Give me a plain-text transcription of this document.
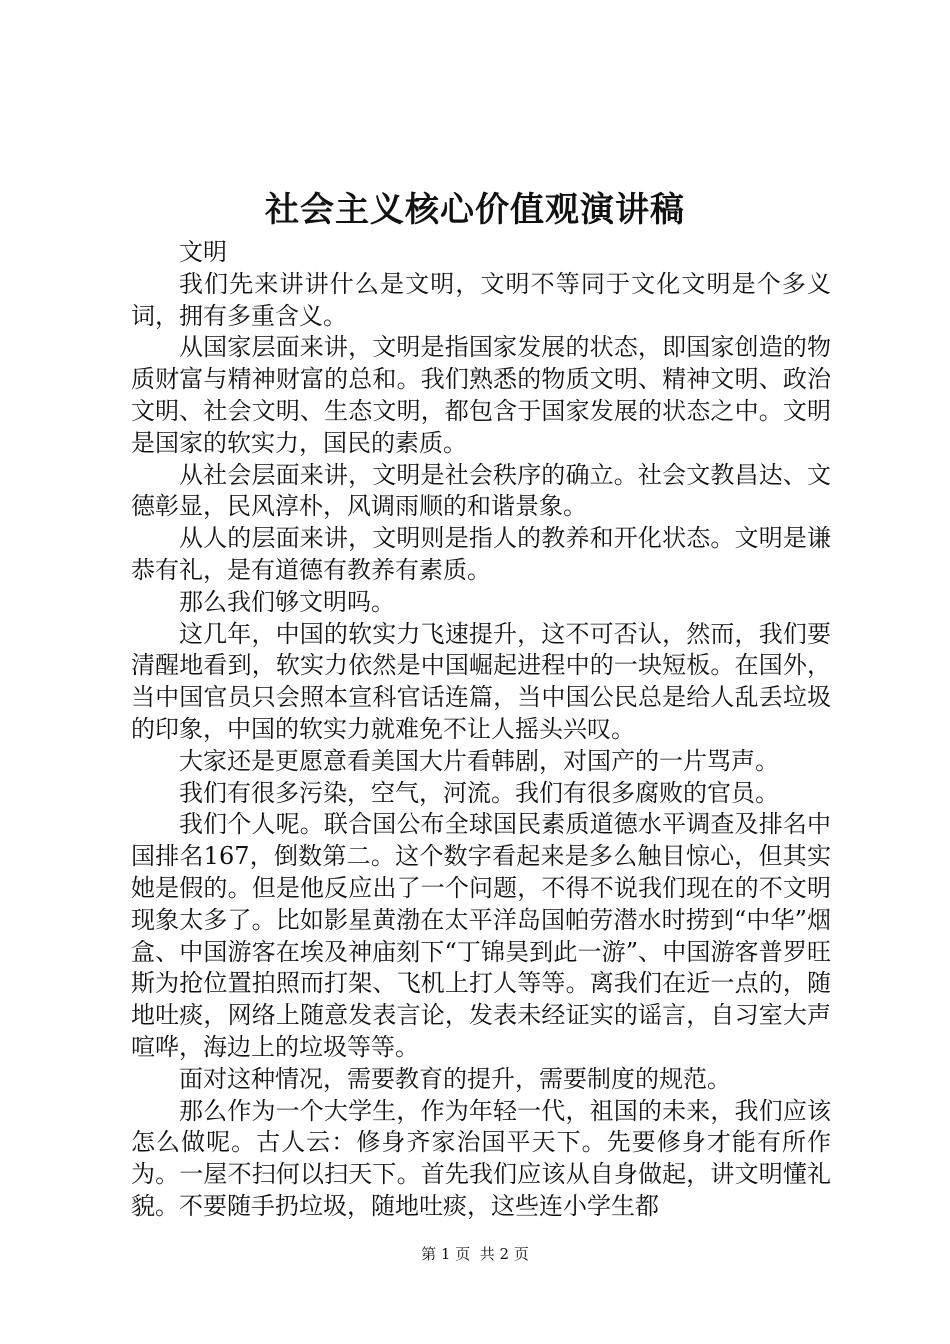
社会主义核心价值观演讲稿

文明

我们先来讲讲什么是文明，文明不等同于文化文明是个多义词，拥有多重含义。

从国家层面来讲，文明是指国家发展的状态，即国家创造的物质财富与精神财富的总和。我们熟悉的物质文明、精神文明、政治文明、社会文明、生态文明，都包含于国家发展的状态之中。文明是国家的软实力，国民的素质。

从社会层面来讲，文明是社会秩序的确立。社会文教昌达、文德彰显，民风淳朴，风调雨顺的和谐景象。

从人的层面来讲，文明则是指人的教养和开化状态。文明是谦恭有礼，是有道德有教养有素质。

那么我们够文明吗。

这几年，中国的软实力飞速提升，这不可否认，然而，我们要清醒地看到，软实力依然是中国崛起进程中的一块短板。在国外，当中国官员只会照本宣科官话连篇，当中国公民总是给人乱丢垃圾的印象，中国的软实力就难免不让人摇头兴叹。

大家还是更愿意看美国大片看韩剧，对国产的一片骂声。

我们有很多污染，空气，河流。我们有很多腐败的官员。

我们个人呢。联合国公布全球国民素质道德水平调查及排名中国排名167，倒数第二。这个数字看起来是多么触目惊心，但其实她是假的。但是他反应出了一个问题，不得不说我们现在的不文明现象太多了。比如影星黄渤在太平洋岛国帕劳潜水时捞到“中华”烟盒、中国游客在埃及神庙刻下“丁锦昊到此一游”、中国游客普罗旺斯为抢位置拍照而打架、飞机上打人等等。离我们在近一点的，随地吐痰，网络上随意发表言论，发表未经证实的谣言，自习室大声喧哗，海边上的垃圾等等。

面对这种情况，需要教育的提升，需要制度的规范。

那么作为一个大学生，作为年轻一代，祖国的未来，我们应该怎么做呢。古人云：修身齐家治国平天下。先要修身才能有所作为。一屋不扫何以扫天下。首先我们应该从自身做起，讲文明懂礼貌。不要随手扔垃圾，随地吐痰，这些连小学生都

第 1 页  共 2 页
